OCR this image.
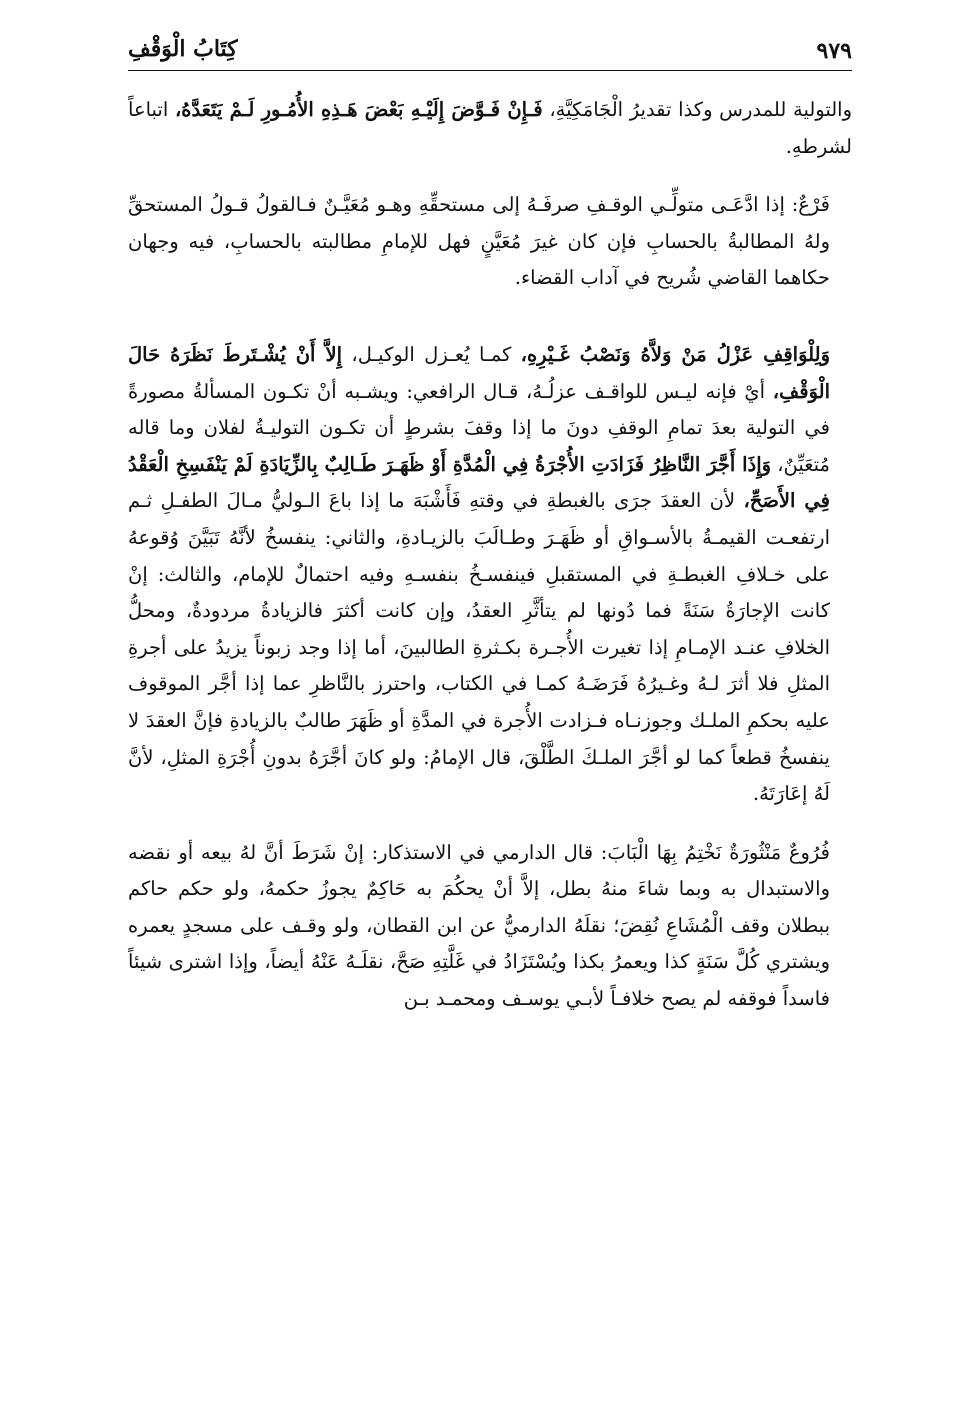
٩٧٩
كِتَابُ الْوَقْفِ

والتولية للمدرس وكذا تقديرُ الْجَامَكِيَّةِ، فَـإِنْ فَـوَّضَ إِلَيْـهِ بَعْضَ هَـذِهِ الأُمُـورِ لَـمْ يَتَعَدَّهُ، اتباعاً لشرطهِ.

فَرْعٌ: إذا ادَّعَـى متولِّـي الوقـفِ صرفَـهُ إلى مستحقِّهِ وهـو مُعَيَّـنٌ فـالقولُ قـولُ المستحقِّ ولهُ المطالبةُ بالحسابِ فإن كان غيرَ مُعَيَّنٍ فهل للإمامِ مطالبته بالحسابِ، فيه وجهان حكاهما القاضي شُريح في آداب القضاء.

وَلِلْوَاقِفِ عَزْلُ مَنْ وَلاَّهُ وَنَصْبُ غَـيْرِهِ، كمـا يُعـزل الوكيـل، إِلاَّ أَنْ يُشْـتَرطَ نَظَرَهُ حَالَ الْوَقْفِ، أيْ فإنه ليـس للواقـف عزلُـهُ، قـال الرافعي: ويشـبه أنْ تكـون المسألةُ مصورةً في التولية بعدَ تمامِ الوقفِ دونَ ما إذا وقفَ بشرطٍ أن تكـون التوليـةُ لفلان وما قاله مُتعَيِّنٌ، وَإِذَا أَجَّرَ النَّاظِرُ فَزَادَتِ الأُجْرَةُ فِي الْمُدَّةِ أَوْ ظَهَـرَ طَـالِبٌ بِالزِّيَادَةِ لَمْ يَنْفَسِخِ الْعَقْدُ فِي الأَصَحِّ، لأن العقدَ جرَى بالغبطةِ في وقتهِ فَأَشْبَهَ ما إذا باعَ الـوليُّ مـالَ الطفـلِ ثـم ارتفعـت القيمـةُ بالأسـواقِ أو ظَهَـرَ وطـالَبَ بالزيـادةِ، والثاني: ينفسخُ لأنَّهُ تَبَيَّنَ وُقوعهُ على خـلافِ الغبطـةِ في المستقبلِ فينفسـخُ بنفسـهِ وفيه احتمالٌ للإمام، والثالث: إنْ كانت الإجارَةُ سَنَةً فما دُونها لم يتأثَّرِ العقدُ، وإن كانت أكثرَ فالزيادةُ مردودةٌ، ومحلُّ الخلافِ عنـد الإمـامِ إذا تغيرت الأُجـرة بكـثرةِ الطالبينَ، أما إذا وجد زبوناً يزيدُ على أجرةِ المثلِ فلا أثرَ لـهُ وغـيرُهُ فَرَضَـهُ كمـا في الكتاب، واحترز بالنَّاظرِ عما إذا أجَّر الموقوف عليه بحكمِ الملـك وجوزنـاه فـزادت الأُجرة في المدَّةِ أو ظَهَرَ طالبٌ بالزيادةِ فإنَّ العقدَ لا ينفسخُ قطعاً كما لو أجَّرَ الملـكَ الطَّلْقَ، قال الإمامُ: ولو كانَ أجَّرَهُ بدونِ أُجْرَةِ المثلِ، لأنَّ لَهُ إعَارَتَهُ.

فُرُوعٌ مَنْثُورَةٌ نَخْتِمُ بِهَا الْبَابَ: قال الدارمي في الاستذكار: إنْ شَرَطَ أنَّ لهُ بيعه أو نقضه والاستبدال به وبما شاءَ منهُ بطل، إلاَّ أنْ يحكُمَ به حَاكِمٌ يجوزُ حكمهُ، ولو حكم حاكم ببطلان وقف الْمُشَاعِ نُقِضَ؛ نقلَهُ الدارميُّ عن ابن القطان، ولو وقـف على مسجدٍ يعمره ويشتري كُلَّ سَنَةٍ كذا ويعمرُ بكذا ويُسْتَزَادُ في غَلَّتِهِ صَحَّ، نقلَـهُ عَنْهُ أيضاً، وإذا اشترى شيئاً فاسداً فوقفه لم يصح خلافـاً لأبـي يوسـف ومحمـد بـن
